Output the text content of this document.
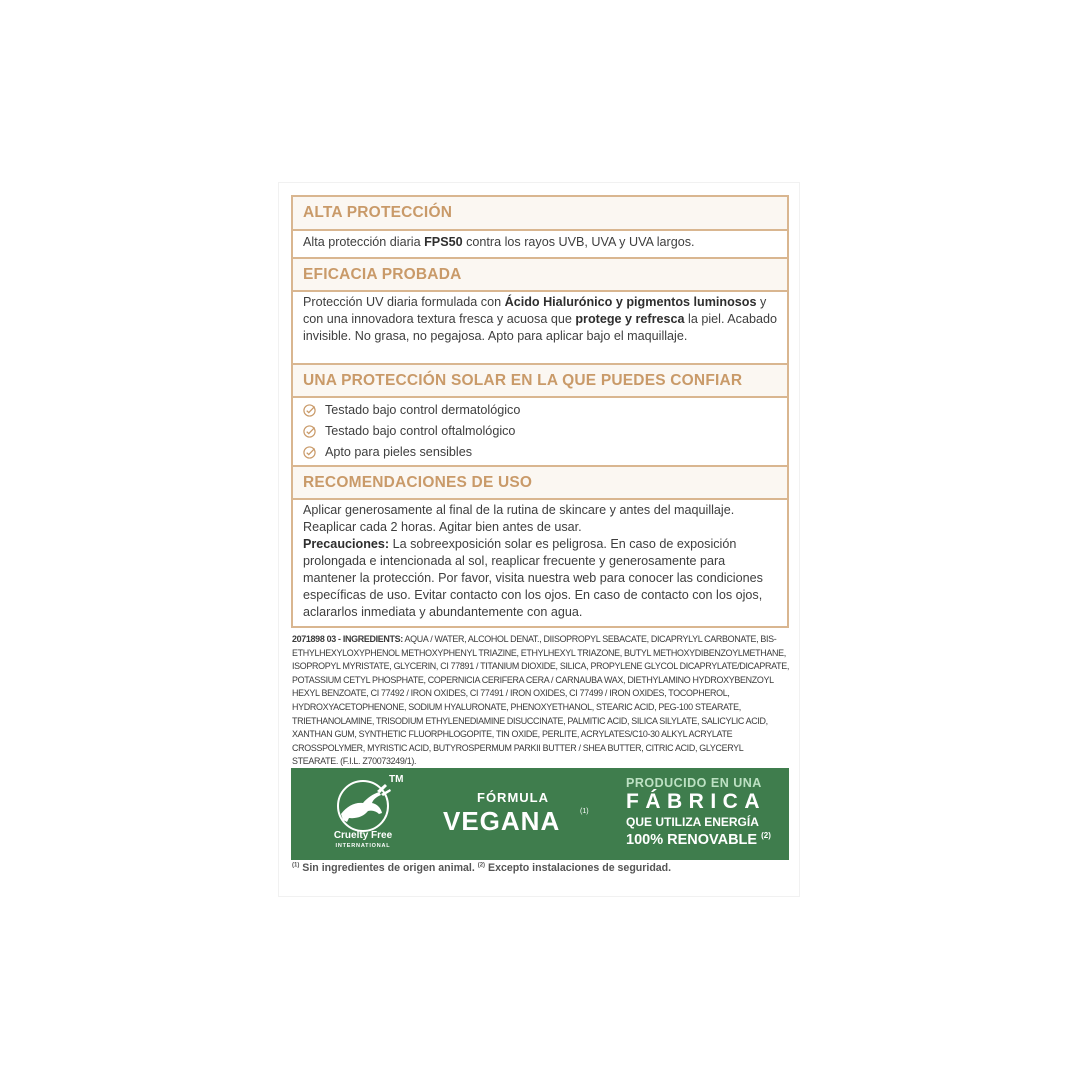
ALTA PROTECCIÓN
Alta protección diaria FPS50 contra los rayos UVB, UVA y UVA largos.
EFICACIA PROBADA
Protección UV diaria formulada con Ácido Hialurónico y pigmentos luminosos y con una innovadora textura fresca y acuosa que protege y refresca la piel. Acabado invisible. No grasa, no pegajosa. Apto para aplicar bajo el maquillaje.
UNA PROTECCIÓN SOLAR EN LA QUE PUEDES CONFIAR
Testado bajo control dermatológico
Testado bajo control oftalmológico
Apto para pieles sensibles
RECOMENDACIONES DE USO
Aplicar generosamente al final de la rutina de skincare y antes del maquillaje. Reaplicar cada 2 horas. Agitar bien antes de usar.
Precauciones: La sobreexposición solar es peligrosa. En caso de exposición prolongada e intencionada al sol, reaplicar frecuente y generosamente para mantener la protección. Por favor, visita nuestra web para conocer las condiciones específicas de uso. Evitar contacto con los ojos. En caso de contacto con los ojos, aclararlos inmediata y abundantemente con agua.
2071898 03 - INGREDIENTS: AQUA / WATER, ALCOHOL DENAT., DIISOPROPYL SEBACATE, DICAPRYLYL CARBONATE, BIS-ETHYLHEXYLOXYPHENOL METHOXYPHENYL TRIAZINE, ETHYLHEXYL TRIAZONE, BUTYL METHOXYDIBENZOYLMETHANE, ISOPROPYL MYRISTATE, GLYCERIN, CI 77891 / TITANIUM DIOXIDE, SILICA, PROPYLENE GLYCOL DICAPRYLATE/DICAPRATE, POTASSIUM CETYL PHOSPHATE, COPERNICIA CERIFERA CERA / CARNAUBA WAX, DIETHYLAMINO HYDROXYBENZOYL HEXYL BENZOATE, CI 77492 / IRON OXIDES, CI 77491 / IRON OXIDES, CI 77499 / IRON OXIDES, TOCOPHEROL, HYDROXYACETOPHENONE, SODIUM HYALURONATE, PHENOXYETHANOL, STEARIC ACID, PEG-100 STEARATE, TRIETHANOLAMINE, TRISODIUM ETHYLENEDIAMINE DISUCCINATE, PALMITIC ACID, SILICA SILYLATE, SALICYLIC ACID, XANTHAN GUM, SYNTHETIC FLUORPHLOGOPITE, TIN OXIDE, PERLITE, ACRYLATES/C10-30 ALKYL ACRYLATE CROSSPOLYMER, MYRISTIC ACID, BUTYROSPERMUM PARKII BUTTER / SHEA BUTTER, CITRIC ACID, GLYCERYL STEARATE. (F.I.L. Z70073249/1).
TM
Cruelty Free
INTERNATIONAL
FÓRMULA
VEGANA	(1)
PRODUCIDO EN UNA
FÁBRICA
QUE UTILIZA ENERGÍA
100% RENOVABLE $^{(2)}$
$^{(1)}$ Sin ingredientes de origen animal. $^{(2)}$ Excepto instalaciones de seguridad.
